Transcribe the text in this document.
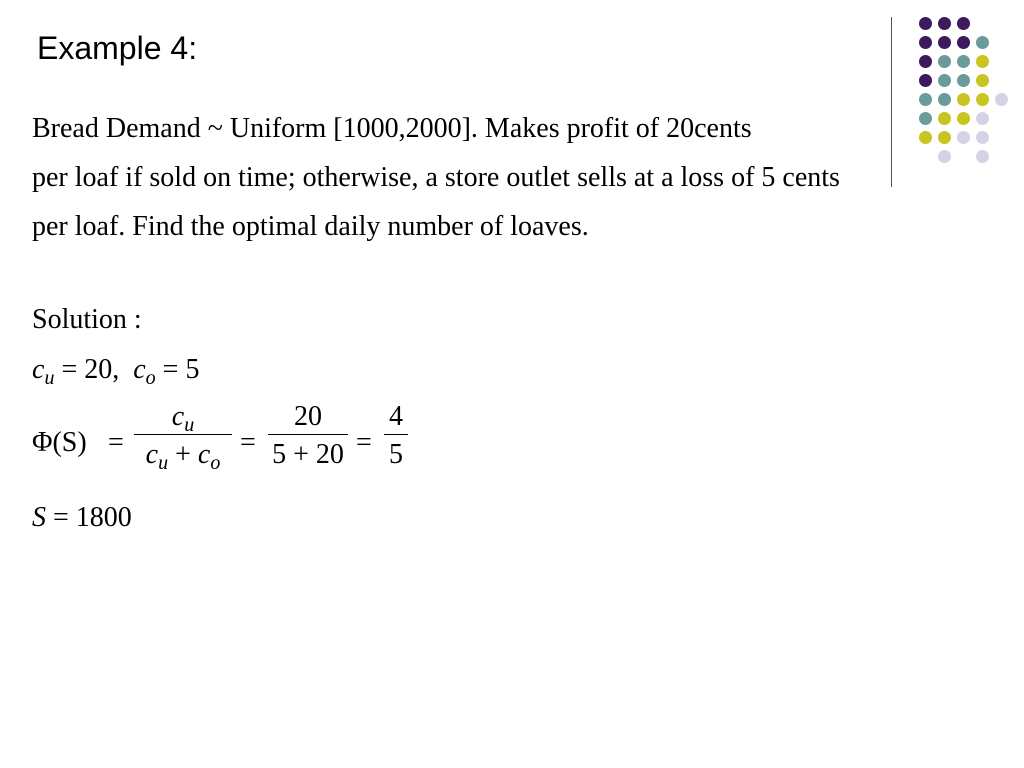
Example 4:
Bread Demand ~ Uniform [1000,2000]. Makes profit of 20cents
per loaf if sold on time; otherwise, a store outlet sells at a loss of 5 cents
per loaf. Find the optimal daily number of loaves.
Solution :
$c_u = 20$, $c_o = 5$
Φ(S) =
$c_u$
$c_u + c_o$
=
20
5 + 20 =
4
5
S = 1800
